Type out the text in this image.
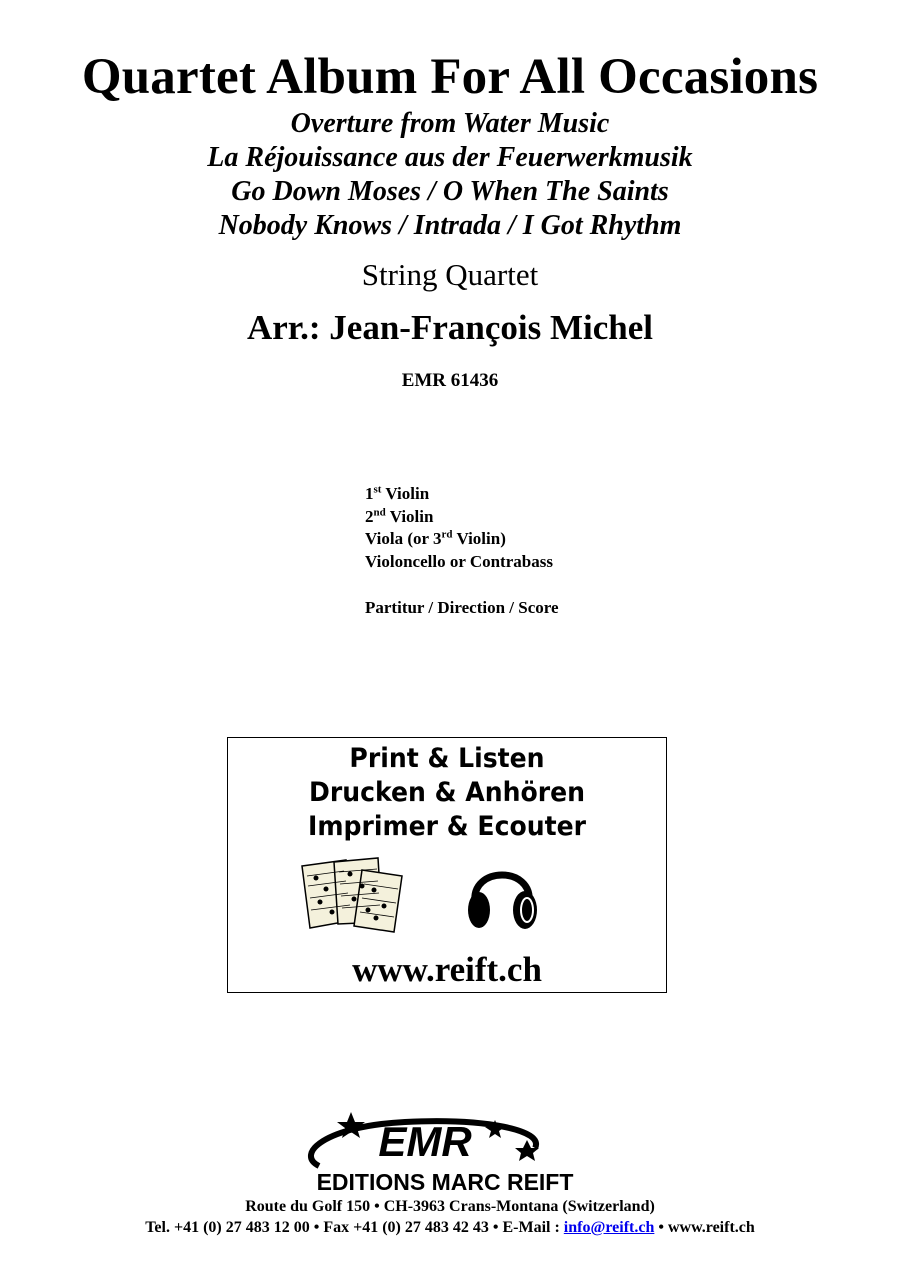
Quartet Album For All Occasions
Overture from Water Music
La Réjouissance aus der Feuerwerkmusik
Go Down Moses / O When The Saints
Nobody Knows / Intrada / I Got Rhythm
String Quartet
Arr.: Jean-François Michel
EMR 61436
1st Violin
2nd Violin
Viola (or 3rd Violin)
Violoncello or Contrabass
Partitur / Direction / Score
Print & Listen
Drucken & Anhören
Imprimer & Ecouter
www.reift.ch
EMR
EDITIONS MARC REIFT
Route du Golf 150 • CH-3963 Crans-Montana (Switzerland)
Tel. +41 (0) 27 483 12 00 • Fax +41 (0) 27 483 42 43 • E-Mail : info@reift.ch • www.reift.ch
